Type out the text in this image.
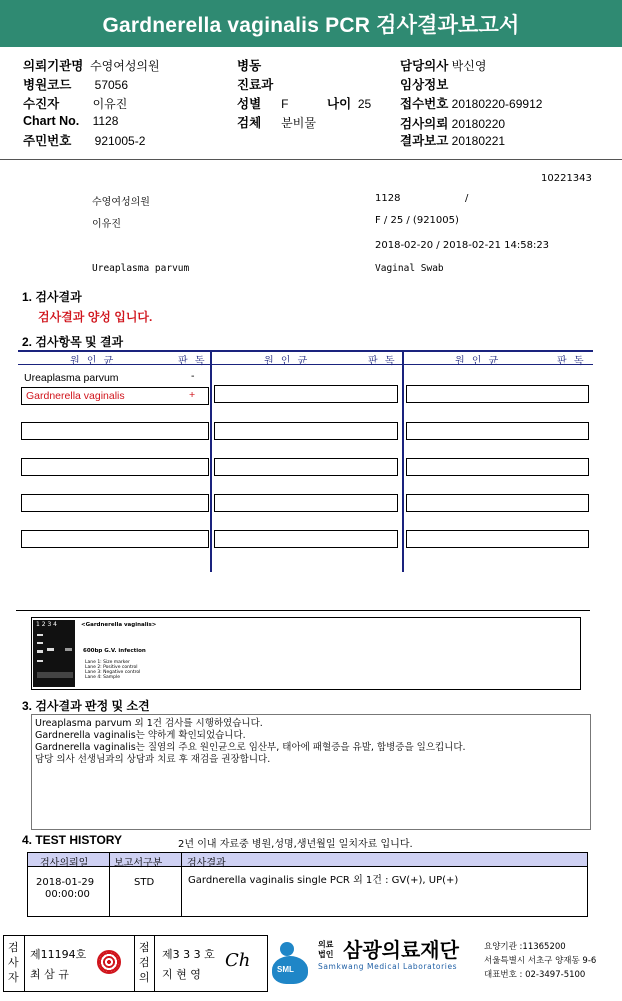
Gardnerella vaginalis PCR 검사결과보고서
의뢰기관명 수영여성의원
병원코드 57056
수진자	이유진
Chart No. 1128
주민번호 921005-2
병동
진료과
성별 F	나이 25
검체 분비물
담당의사 박신영
임상정보
접수번호 20180220-69912
검사의뢰 20180220
결과보고 20180221
10221343
수영여성의원	1128	/
이유진	F / 25 / (921005)
2018-02-20 / 2018-02-21 14:58:23
Ureaplasma parvum	Vaginal Swab
1. 검사결과
검사결과 양성 입니다.
2. 검사항목 및 결과
원 인 균	판 독	원 인 균	판 독	원 인 균	판 독
Ureaplasma parvum	-
Gardnerella vaginalis	+
1 2 3 4	<Gardnerella vaginalis>
600bp G.V. infection
Lane 1: Size marker
Lane 2: Positive control
Lane 3: Negative control
Lane 4: Sample
3. 검사결과 판정 및 소견
Ureaplasma parvum 외 1건 검사를 시행하였습니다.
Gardnerella vaginalis는 약하게 확인되었습니다.
Gardnerella vaginalis는 질염의 주요 원인균으로 임산부, 태아에 패혈증을 유발, 합병증을 일으킵니다.
담당 의사 선생님과의 상담과 치료 후 재검을 권장합니다.
4. TEST HISTORY	2년 이내 자료중 병원,성명,생년월일 일치자료 입니다.
검사의뢰일	보고서구분 검사결과
2018-01-29
00:00:00
STD	Gardnerella vaginalis single PCR 외 1건 : GV(+), UP(+)
검
사
자
제11194호
최 삼 규
점
검
의
제3 3 3 호
지 현 영
Ch	SML
의료
법인 삼광의료재단
Samkwang Medical Laboratories
요양기관 :11365200
서울특별시 서초구 양재동 9-6
대표번호 : 02-3497-5100
